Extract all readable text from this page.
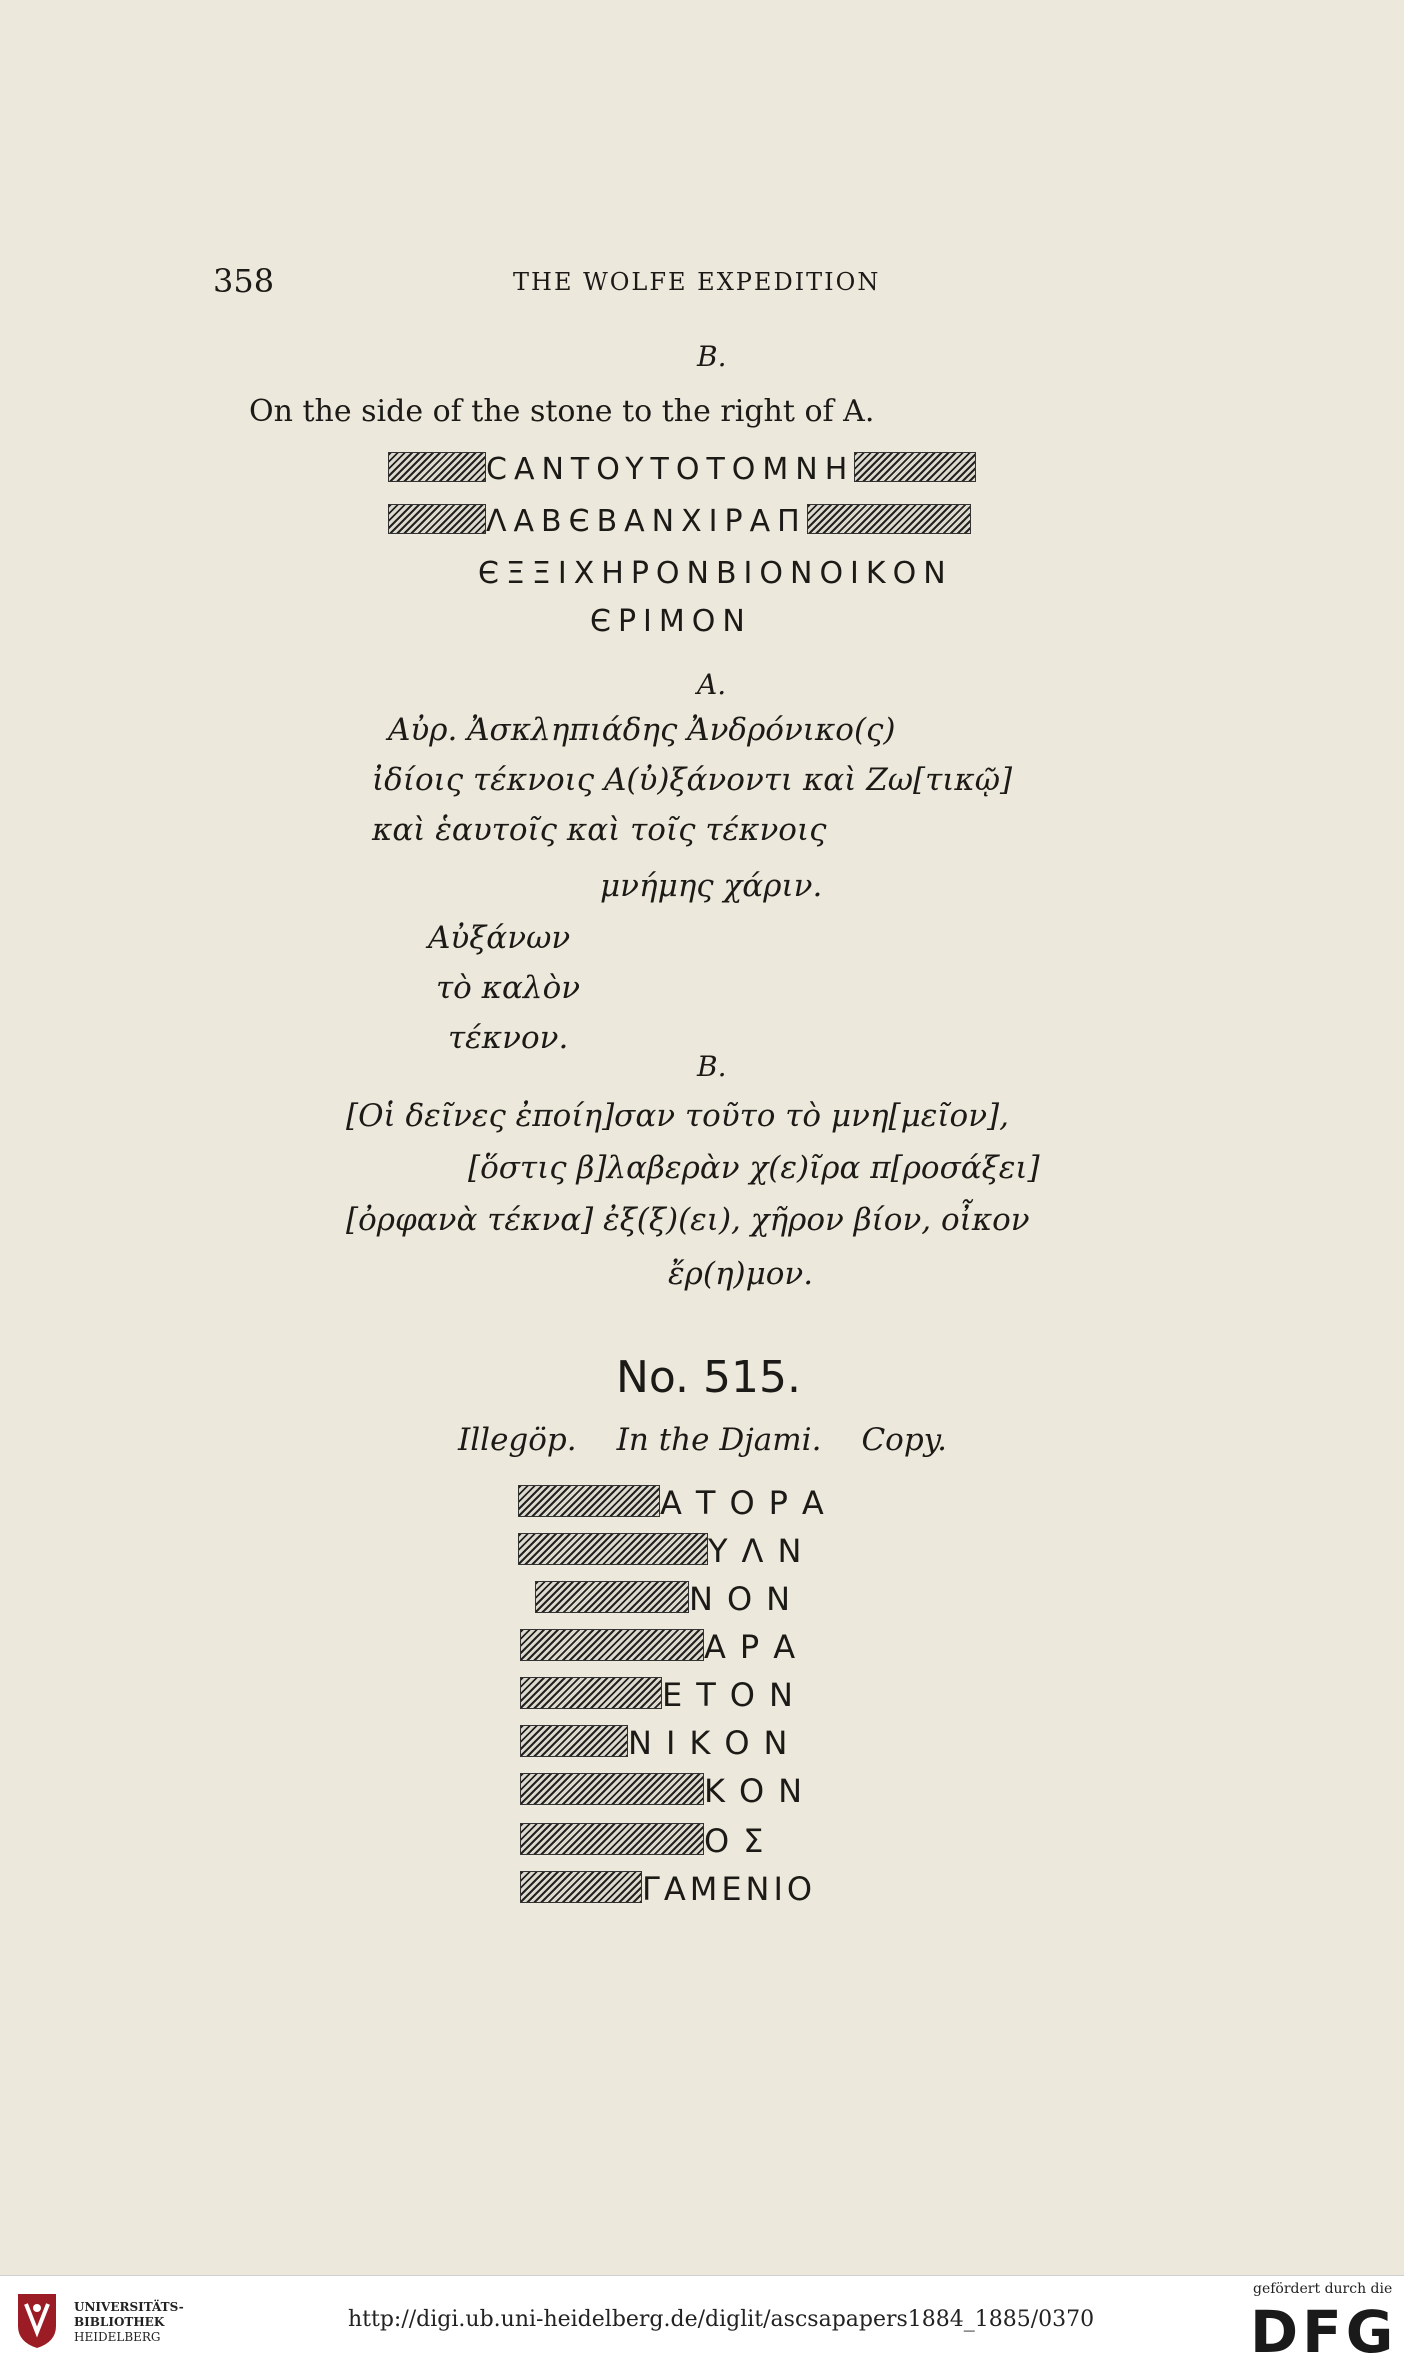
358	THE WOLFE EXPEDITION
B.
On the side of the stone to the right of A.
CANTOYTOTOMNH
ΛΑΒЄΒΑΝΧΙΡΑΠ
ЄΞΞΙΧΗΡΟΝΒΙΟΝΟΙΚΟΝ
ЄΡΙΜΟΝ
A.
Αὐρ. Ἀσκληπιάδης Ἀνδρόνικο(ς)
ἰδίοις τέκνοις Α(ὐ)ξάνοντι καὶ Ζω[τικῷ]
καὶ ἑαυτοῖς καὶ τοῖς τέκνοις
μνήμης χάριν.
Αὐξάνων
τὸ καλὸν
τέκνον.
B.
[Οἱ δεῖνες ἐποίη]σαν τοῦτο τὸ μνη[μεῖον],
[ὅστις β]λαβερὰν χ(ε)ῖρα π[ροσάξει]
[ὀρφανὰ τέκνα] ἐξ(ξ)(ει), χῆρον βίον, οἶκον
ἔρ(η)μον.
No. 515.
Illegöp. In the Djami. Copy.
ΑΤΟΡΑ
ΥΛΝ
ΝΟΝ
ΑΡΑ
ΕΤΟΝ
ΝΙΚΟΝ
ΚΟΝ
ΟΣ
ΓΑΜΕΝΙΟ
UNIVERSITÄTS-
BIBLIOTHEK
HEIDELBERG
http://digi.ub.uni-heidelberg.de/diglit/ascsapapers1884_1885/0370
gefördert durch die
DFG
